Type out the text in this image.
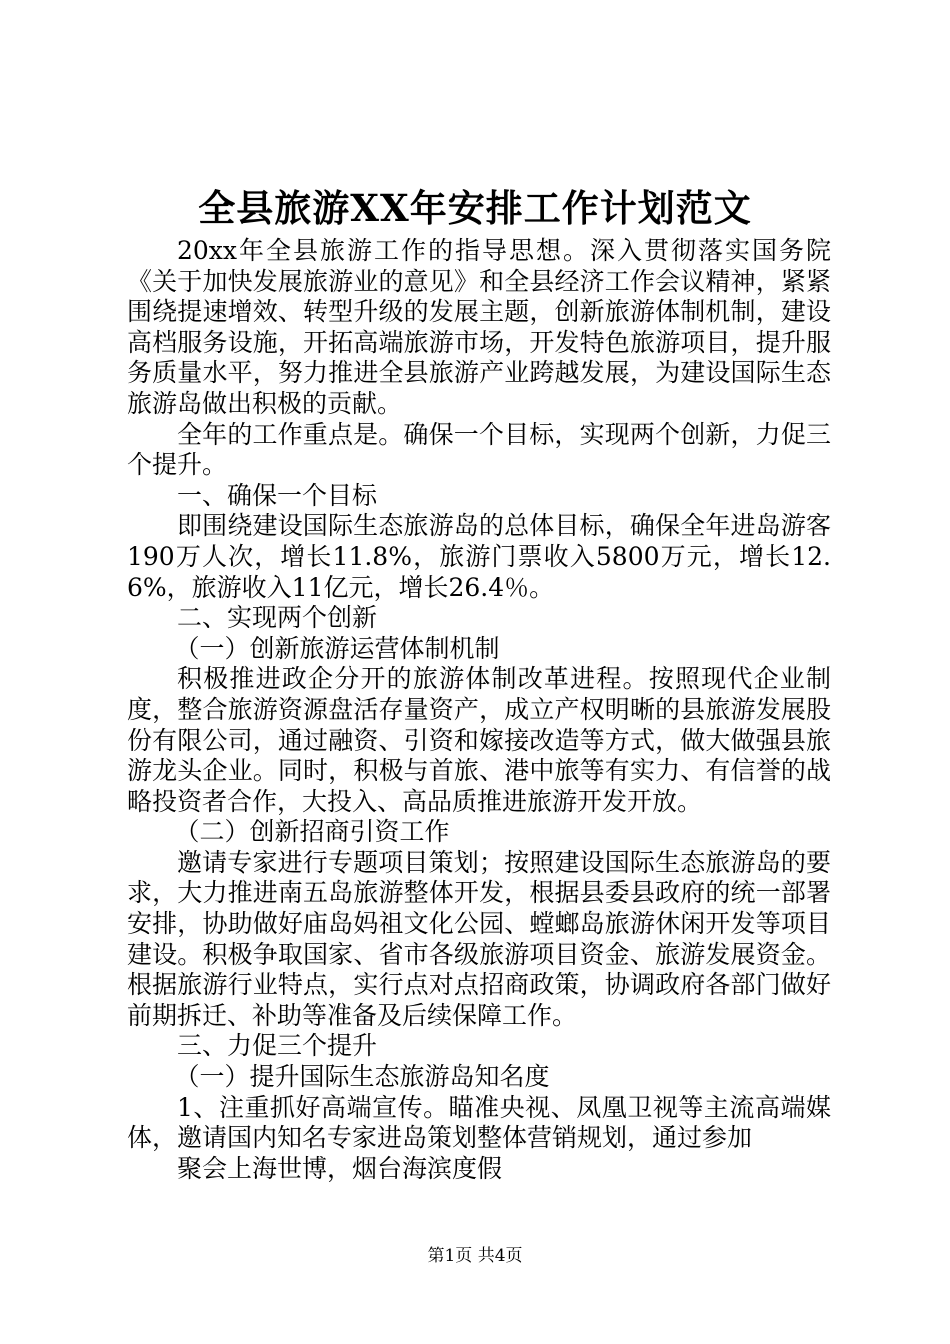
全县旅游XX年安排工作计划范文

20xx年全县旅游工作的指导思想。深入贯彻落实国务院《关于加快发展旅游业的意见》和全县经济工作会议精神，紧紧围绕提速增效、转型升级的发展主题，创新旅游体制机制，建设高档服务设施，开拓高端旅游市场，开发特色旅游项目，提升服务质量水平，努力推进全县旅游产业跨越发展，为建设国际生态旅游岛做出积极的贡献。

全年的工作重点是。确保一个目标，实现两个创新，力促三个提升。

一、确保一个目标

即围绕建设国际生态旅游岛的总体目标，确保全年进岛游客190万人次，增长11.8%，旅游门票收入5800万元，增长12.6%，旅游收入11亿元，增长26.4％。

二、实现两个创新

（一）创新旅游运营体制机制

积极推进政企分开的旅游体制改革进程。按照现代企业制度，整合旅游资源盘活存量资产，成立产权明晰的县旅游发展股份有限公司，通过融资、引资和嫁接改造等方式，做大做强县旅游龙头企业。同时，积极与首旅、港中旅等有实力、有信誉的战略投资者合作，大投入、高品质推进旅游开发开放。

（二）创新招商引资工作

邀请专家进行专题项目策划；按照建设国际生态旅游岛的要求，大力推进南五岛旅游整体开发，根据县委县政府的统一部署安排，协助做好庙岛妈祖文化公园、螳螂岛旅游休闲开发等项目建设。积极争取国家、省市各级旅游项目资金、旅游发展资金。根据旅游行业特点，实行点对点招商政策，协调政府各部门做好前期拆迁、补助等准备及后续保障工作。

三、力促三个提升

（一）提升国际生态旅游岛知名度

1、注重抓好高端宣传。瞄准央视、凤凰卫视等主流高端媒体，邀请国内知名专家进岛策划整体营销规划，通过参加

聚会上海世博，烟台海滨度假

第1页 共4页
